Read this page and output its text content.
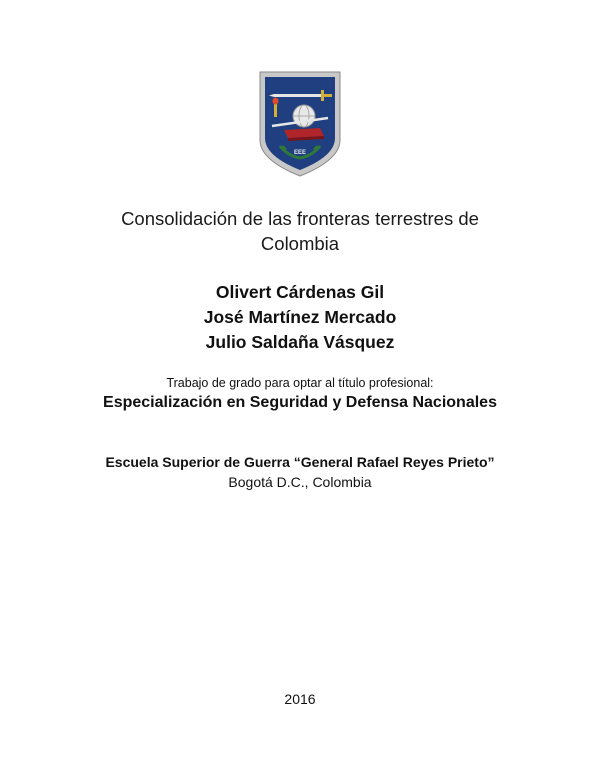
EEE
Consolidación de las fronteras terrestres de
Colombia
Olivert Cárdenas Gil
José Martínez Mercado
Julio Saldaña Vásquez
Trabajo de grado para optar al título profesional:
Especialización en Seguridad y Defensa Nacionales
Escuela Superior de Guerra “General Rafael Reyes Prieto”
Bogotá D.C., Colombia
2016
